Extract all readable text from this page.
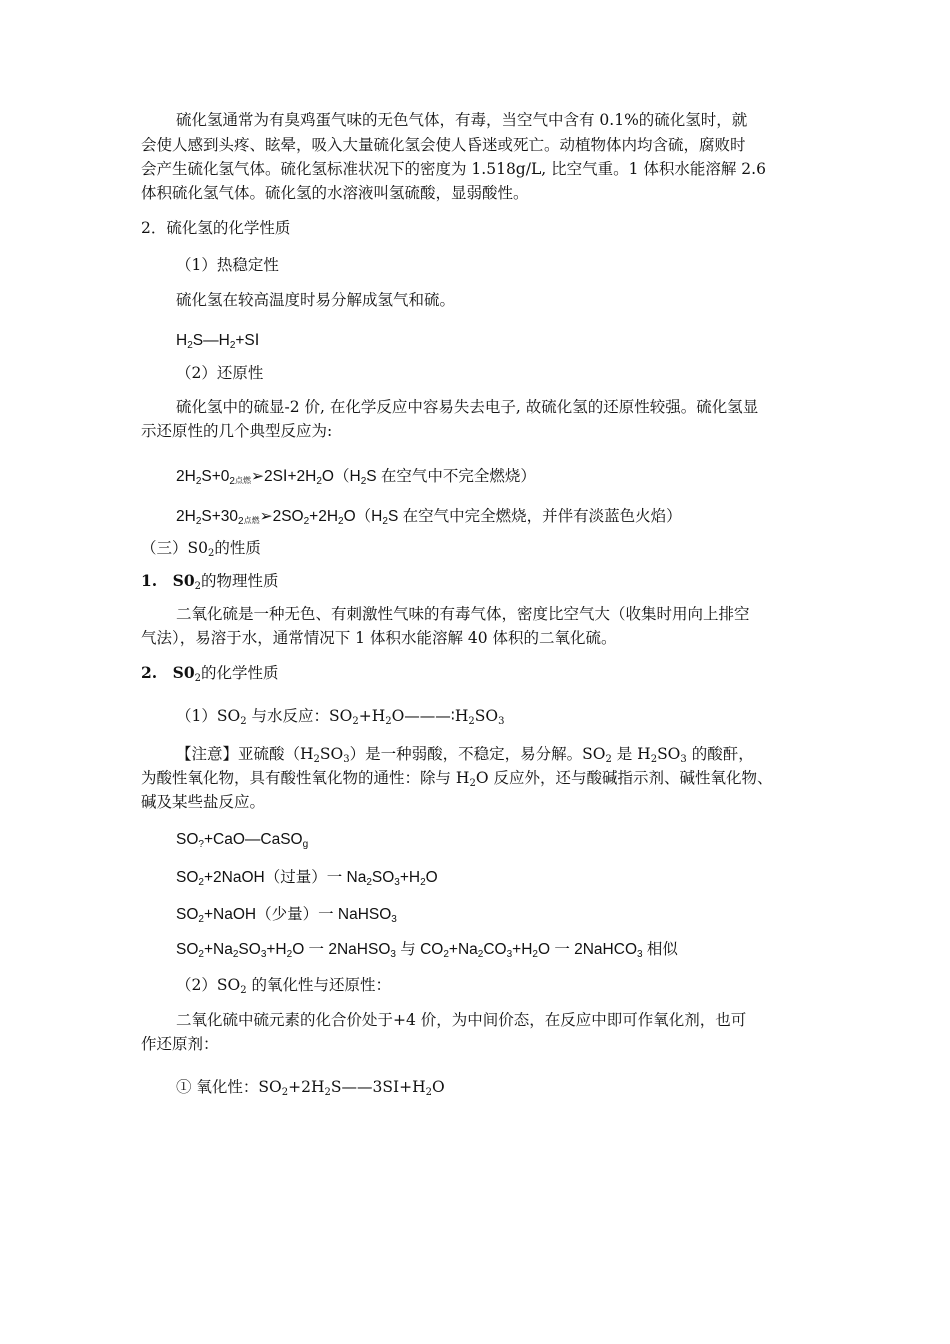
硫化氢通常为有臭鸡蛋气味的无色气体，有毒，当空气中含有 0.1%的硫化氢时，就
会使人感到头疼、眩晕，吸入大量硫化氢会使人昏迷或死亡。动植物体内均含硫，腐败时
会产生硫化氢气体。硫化氢标准状况下的密度为 1.518g/L, 比空气重。1 体积水能溶解 2.6
体积硫化氢气体。硫化氢的水溶液叫氢硫酸，显弱酸性。
2．硫化氢的化学性质
（1）热稳定性
硫化氢在较高温度时易分解成氢气和硫。
$H_2S—H_2+SⅠ$
（2）还原性
硫化氢中的硫显-2 价, 在化学反应中容易失去电子, 故硫化氢的还原性较强。硫化氢显
示还原性的几个典型反应为:
$2H_2S+0_2$点燃$➢2SⅠ+2H_2O(H_2S$ 在空气中不完全燃烧）
$2H_2S+30_2$点燃$➢2SO_2+2H_2O(H_2S$ 在空气中完全燃烧，并伴有淡蓝色火焰）
（三）$S0_2$的性质
1.　$S0_2$的物理性质
二氧化硫是一种无色、有刺激性气味的有毒气体，密度比空气大（收集时用向上排空
气法），易溶于水，通常情况下 1 体积水能溶解 40 体积的二氧化硫。
2.　$S0_2$的化学性质
$(1)SO_2$ 与水反应：$SO_2+H_2O———∶H_2SO_3$
【注意】亚硫酸$(H_2SO_3)$是一种弱酸，不稳定，易分解。$SO_2$ 是 $H_2SO_3$ 的酸酐，
为酸性氧化物，具有酸性氧化物的通性：除与 $H_2O$ 反应外，还与酸碱指示剂、碱性氧化物、
碱及某些盐反应。
$SO_?+CaO—CaSO_g$
$SO_2+2NaOH$（过量）一 $Na_2SO_3+H_2O$
$SO_2+NaOH$（少量）一 NaHSO$_3$
$SO_2+Na_2SO_3+H_2O$ 一 2NaHSO$_3$ 与 $CO_2+Na_2CO_3+H_2O$ 一 2NaHCO$_3$ 相似
$(2)SO_2$ 的氧化性与还原性：
二氧化硫中硫元素的化合价处于+4 价，为中间价态，在反应中即可作氧化剂，也可
作还原剂：
① 氧化性：$SO_2+2H_2S——3SⅠ+H_2O$
